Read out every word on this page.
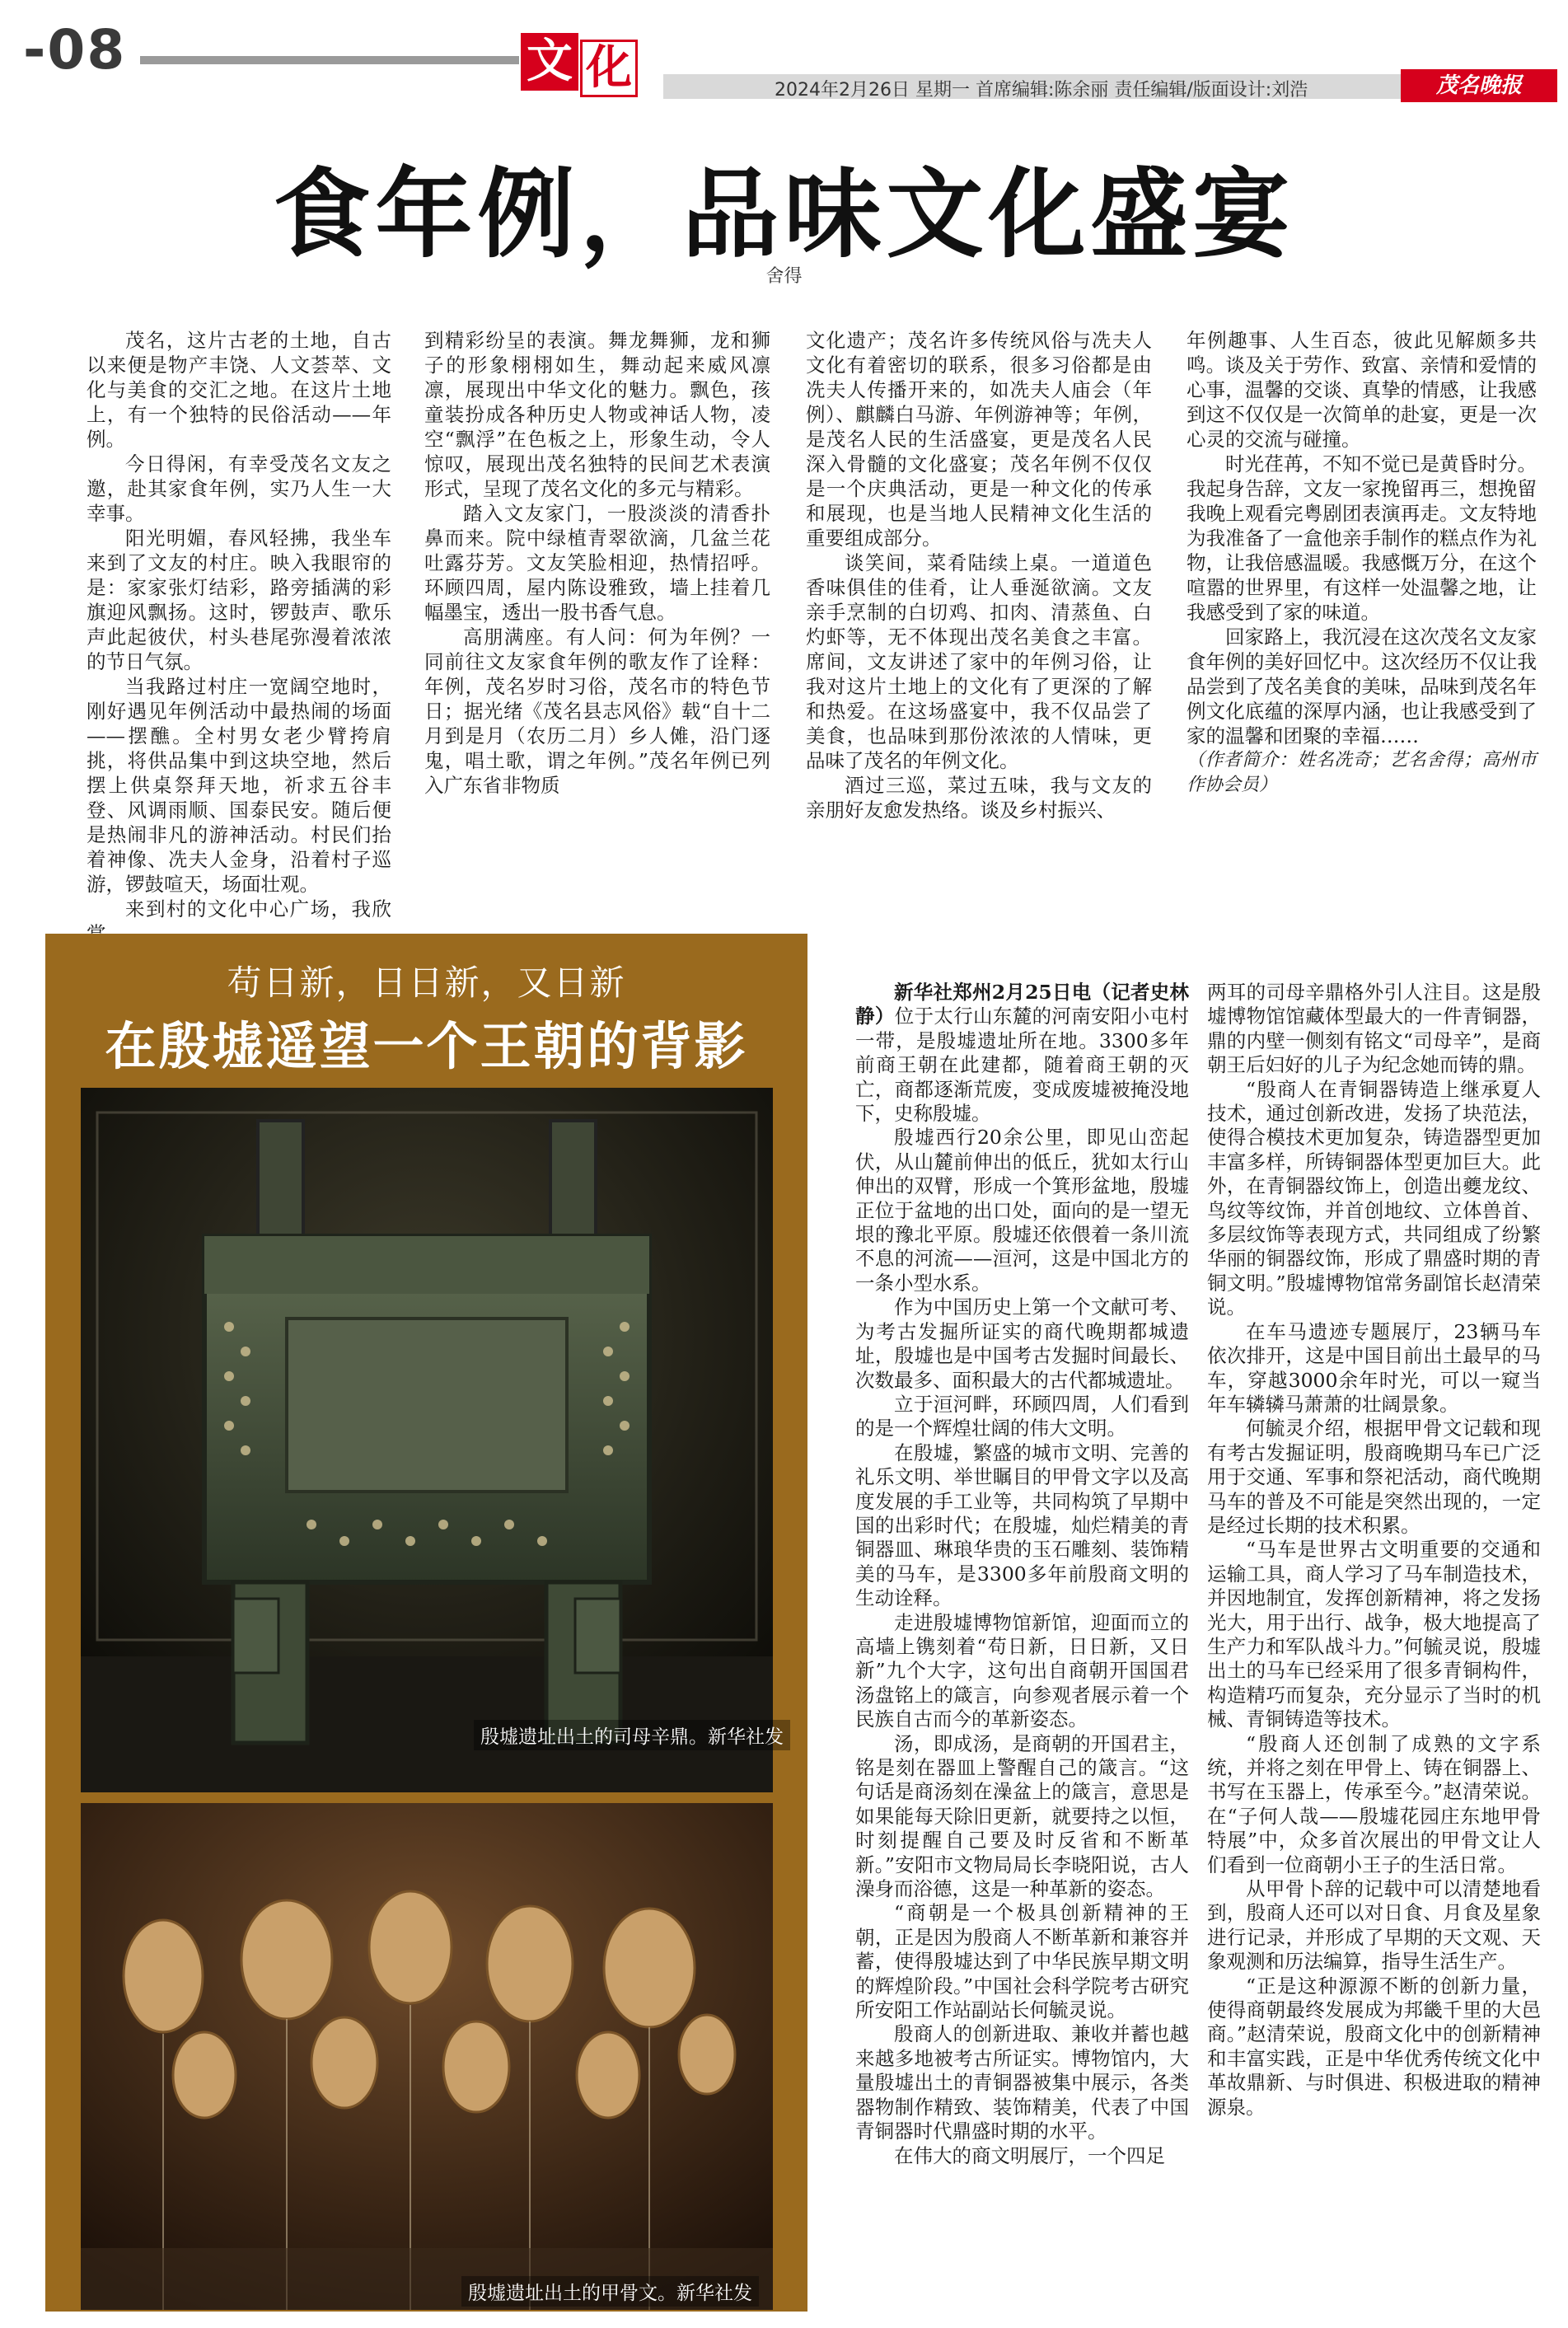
-08	文 化	2024年2月26日 星期一 首席编辑:陈余丽 责任编辑/版面设计:刘浩	茂名晚报
食年例，品味文化盛宴
舍得

茂名，这片古老的土地，自古以来便是物产丰饶、人文荟萃、文化与美食的交汇之地。在这片土地上，有一个独特的民俗活动——年例。

今日得闲，有幸受茂名文友之邀，赴其家食年例，实乃人生一大幸事。

阳光明媚，春风轻拂，我坐车来到了文友的村庄。映入我眼帘的是：家家张灯结彩，路旁插满的彩旗迎风飘扬。这时，锣鼓声、歌乐声此起彼伏，村头巷尾弥漫着浓浓的节日气氛。

当我路过村庄一宽阔空地时，刚好遇见年例活动中最热闹的场面——摆醮。全村男女老少臂挎肩挑，将供品集中到这块空地，然后摆上供桌祭拜天地，祈求五谷丰登、风调雨顺、国泰民安。随后便是热闹非凡的游神活动。村民们抬着神像、冼夫人金身，沿着村子巡游，锣鼓喧天，场面壮观。

来到村的文化中心广场，我欣

到精彩纷呈的表演。舞龙舞狮，龙和狮子的形象栩栩如生，舞动起来威风凛凛，展现出中华文化的魅力。飘色，孩童装扮成各种历史人物或神话人物，凌空“飘浮”在色板之上，形象生动，令人惊叹，展现出茂名独特的民间艺术表演形式，呈现了茂名文化的多元与精彩。

踏入文友家门，一股淡淡的清香扑鼻而来。院中绿植青翠欲滴，几盆兰花吐露芬芳。文友笑脸相迎，热情招呼。环顾四周，屋内陈设雅致，墙上挂着几幅墨宝，透出一股书香气息。

高朋满座。有人问：何为年例？一同前往文友家食年例的歌友作了诠释：年例，茂名岁时习俗，茂名市的特色节日；据光绪《茂名县志风俗》载“自十二月到是月（农历二月）乡人傩，沿门逐鬼，唱土歌，谓之年例。”茂名年例已列入广东省非物质

文化遗产；茂名许多传统风俗与冼夫人文化有着密切的联系，很多习俗都是由冼夫人传播开来的，如冼夫人庙会（年例）、麒麟白马游、年例游神等；年例，是茂名人民的生活盛宴，更是茂名人民深入骨髓的文化盛宴；茂名年例不仅仅是一个庆典活动，更是一种文化的传承和展现，也是当地人民精神文化生活的重要组成部分。

谈笑间，菜肴陆续上桌。一道道色香味俱佳的佳肴，让人垂涎欲滴。文友亲手烹制的白切鸡、扣肉、清蒸鱼、白灼虾等，无不体现出茂名美食之丰富。席间，文友讲述了家中的年例习俗，让我对这片土地上的文化有了更深的了解和热爱。在这场盛宴中，我不仅品尝了美食，也品味到那份浓浓的人情味，更品味了茂名的年例文化。

酒过三巡，菜过五味，我与文友的亲朋好友愈发热络。谈及乡村振兴、

年例趣事、人生百态，彼此见解颇多共鸣。谈及关于劳作、致富、亲情和爱情的心事，温馨的交谈、真挚的情感，让我感到这不仅仅是一次简单的赴宴，更是一次心灵的交流与碰撞。

时光荏苒，不知不觉已是黄昏时分。我起身告辞，文友一家挽留再三，想挽留我晚上观看完粤剧团表演再走。文友特地为我准备了一盒他亲手制作的糕点作为礼物，让我倍感温暖。我感慨万分，在这个喧嚣的世界里，有这样一处温馨之地，让我感受到了家的味道。

回家路上，我沉浸在这次茂名文友家食年例的美好回忆中。这次经历不仅让我品尝到了茂名美食的美味，品味到茂名年例文化底蕴的深厚内涵，也让我感受到了家的温馨和团聚的幸福……

（作者简介：姓名冼奇；艺名舍得；高州市作协会员）

苟日新，日日新，又日新
在殷墟遥望一个王朝的背影
殷墟遗址出土的司母辛鼎。新华社发
殷墟遗址出土的甲骨文。新华社发

新华社郑州2月25日电（记者史林静）位于太行山东麓的河南安阳小屯村一带，是殷墟遗址所在地。3300多年前商王朝在此建都，随着商王朝的灭亡，商都逐渐荒废，变成废墟被掩没地下，史称殷墟。

殷墟西行20余公里，即见山峦起伏，从山麓前伸出的低丘，犹如太行山伸出的双臂，形成一个箕形盆地，殷墟正位于盆地的出口处，面向的是一望无垠的豫北平原。殷墟还依偎着一条川流不息的河流——洹河，这是中国北方的一条小型水系。

作为中国历史上第一个文献可考、为考古发掘所证实的商代晚期都城遗址，殷墟也是中国考古发掘时间最长、次数最多、面积最大的古代都城遗址。

立于洹河畔，环顾四周，人们看到的是一个辉煌壮阔的伟大文明。

在殷墟，繁盛的城市文明、完善的礼乐文明、举世瞩目的甲骨文字以及高度发展的手工业等，共同构筑了早期中国的出彩时代；在殷墟，灿烂精美的青铜器皿、琳琅华贵的玉石雕刻、装饰精美的马车，是3300多年前殷商文明的生动诠释。

走进殷墟博物馆新馆，迎面而立的高墙上镌刻着“苟日新，日日新，又日新”九个大字，这句出自商朝开国国君汤盘铭上的箴言，向参观者展示着一个民族自古而今的革新姿态。

汤，即成汤，是商朝的开国君主，铭是刻在器皿上警醒自己的箴言。“这句话是商汤刻在澡盆上的箴言，意思是如果能每天除旧更新，就要持之以恒，时刻提醒自己要及时反省和不断革新。”安阳市文物局局长李晓阳说，古人澡身而浴德，这是一种革新的姿态。

“商朝是一个极具创新精神的王朝，正是因为殷商人不断革新和兼容并蓄，使得殷墟达到了中华民族早期文明的辉煌阶段。”中国社会科学院考古研究所安阳工作站副站长何毓灵说。

殷商人的创新进取、兼收并蓄也越来越多地被考古所证实。博物馆内，大量殷墟出土的青铜器被集中展示，各类器物制作精致、装饰精美，代表了中国青铜器时代鼎盛时期的水平。

在伟大的商文明展厅，一个四足

两耳的司母辛鼎格外引人注目。这是殷墟博物馆馆藏体型最大的一件青铜器，鼎的内壁一侧刻有铭文“司母辛”，是商朝王后妇好的儿子为纪念她而铸的鼎。

“殷商人在青铜器铸造上继承夏人技术，通过创新改进，发扬了块范法，使得合模技术更加复杂，铸造器型更加丰富多样，所铸铜器体型更加巨大。此外，在青铜器纹饰上，创造出夔龙纹、鸟纹等纹饰，并首创地纹、立体兽首、多层纹饰等表现方式，共同组成了纷繁华丽的铜器纹饰，形成了鼎盛时期的青铜文明。”殷墟博物馆常务副馆长赵清荣说。

在车马遗迹专题展厅，23辆马车依次排开，这是中国目前出土最早的马车，穿越3000余年时光，可以一窥当年车辚辚马萧萧的壮阔景象。

何毓灵介绍，根据甲骨文记载和现有考古发掘证明，殷商晚期马车已广泛用于交通、军事和祭祀活动，商代晚期马车的普及不可能是突然出现的，一定是经过长期的技术积累。

“马车是世界古文明重要的交通和运输工具，商人学习了马车制造技术，并因地制宜，发挥创新精神，将之发扬光大，用于出行、战争，极大地提高了生产力和军队战斗力。”何毓灵说，殷墟出土的马车已经采用了很多青铜构件，构造精巧而复杂，充分显示了当时的机械、青铜铸造等技术。

“殷商人还创制了成熟的文字系统，并将之刻在甲骨上、铸在铜器上、书写在玉器上，传承至今。”赵清荣说。在“子何人哉——殷墟花园庄东地甲骨特展”中，众多首次展出的甲骨文让人们看到一位商朝小王子的生活日常。

从甲骨卜辞的记载中可以清楚地看到，殷商人还可以对日食、月食及星象进行记录，并形成了早期的天文观、天象观测和历法编算，指导生活生产。

“正是这种源源不断的创新力量，使得商朝最终发展成为邦畿千里的大邑商。”赵清荣说，殷商文化中的创新精神和丰富实践，正是中华优秀传统文化中革故鼎新、与时俱进、积极进取的精神源泉。
